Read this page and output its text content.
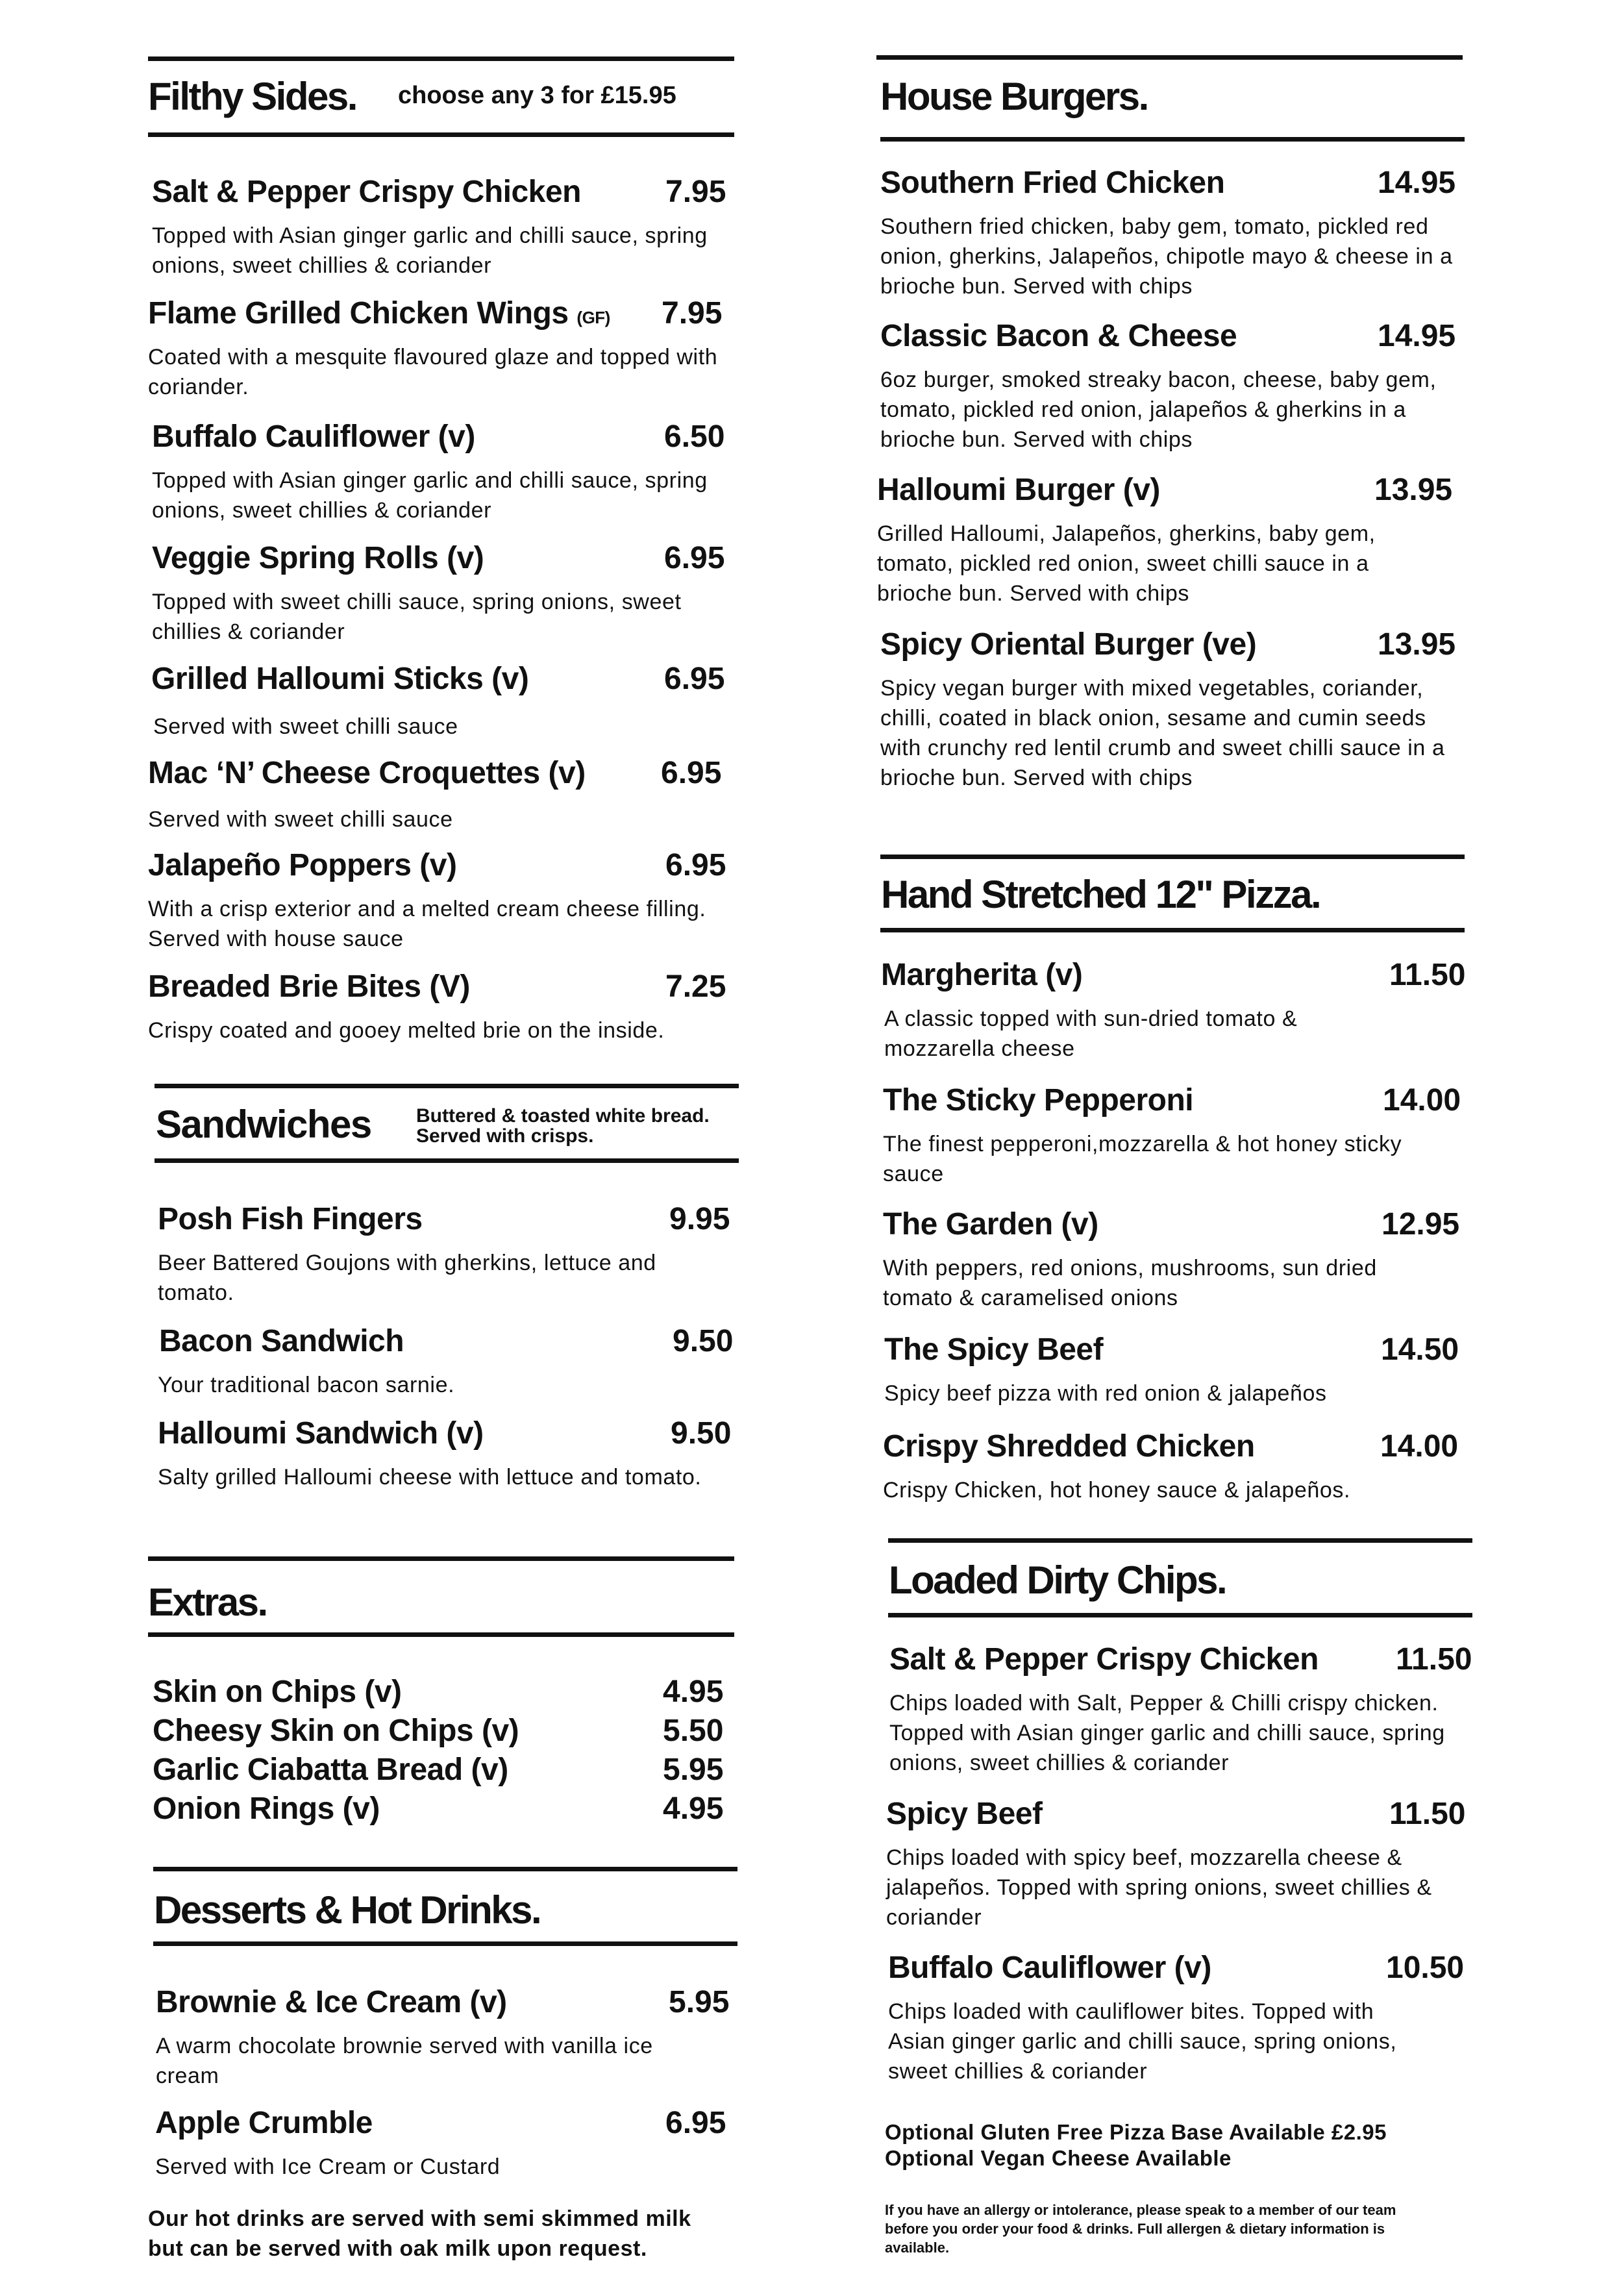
Filthy Sides. choose any 3 for £15.95
Salt & Pepper Crispy Chicken	7.95
Topped with Asian ginger garlic and chilli sauce, spring onions, sweet chillies & coriander
Flame Grilled Chicken Wings (GF) 7.95
Coated with a mesquite flavoured glaze and topped with coriander.
Buffalo Cauliflower (v)	6.50
Topped with Asian ginger garlic and chilli sauce, spring onions, sweet chillies & coriander
Veggie Spring Rolls (v)	6.95
Topped with sweet chilli sauce, spring onions, sweet chillies & coriander
Grilled Halloumi Sticks (v)	6.95
Served with sweet chilli sauce
Mac ‘N’ Cheese Croquettes (v) 6.95
Served with sweet chilli sauce
Jalapeño Poppers (v)	6.95
With a crisp exterior and a melted cream cheese filling. Served with house sauce
Breaded Brie Bites (V)	7.25
Crispy coated and gooey melted brie on the inside.
Sandwiches Buttered & toasted white bread.
Served with crisps.
Posh Fish Fingers	9.95
Beer Battered Goujons with gherkins, lettuce and tomato.
Bacon Sandwich	9.50
Your traditional bacon sarnie.
Halloumi Sandwich (v)	9.50
Salty grilled Halloumi cheese with lettuce and tomato.
Extras.
Skin on Chips (v)	4.95
Cheesy Skin on Chips (v)	5.50
Garlic Ciabatta Bread (v)	5.95
Onion Rings (v)	4.95
Desserts & Hot Drinks.
Brownie & Ice Cream (v)	5.95
A warm chocolate brownie served with vanilla ice cream
Apple Crumble	6.95
Served with Ice Cream or Custard
Our hot drinks are served with semi skimmed milk
but can be served with oak milk upon request.
House Burgers.
Southern Fried Chicken	14.95
Southern fried chicken, baby gem, tomato, pickled red onion, gherkins, Jalapeños, chipotle mayo & cheese in a brioche bun. Served with chips
Classic Bacon & Cheese	14.95
6oz burger, smoked streaky bacon, cheese, baby gem, tomato, pickled red onion, jalapeños & gherkins in a brioche bun. Served with chips
Halloumi Burger (v)	13.95
Grilled Halloumi, Jalapeños, gherkins, baby gem, tomato, pickled red onion, sweet chilli sauce in a brioche bun. Served with chips
Spicy Oriental Burger (ve)	13.95
Spicy vegan burger with mixed vegetables, coriander, chilli, coated in black onion, sesame and cumin seeds with crunchy red lentil crumb and sweet chilli sauce in a brioche bun. Served with chips
Hand Stretched 12" Pizza.
Margherita (v)	11.50
A classic topped with sun-dried tomato & mozzarella cheese
The Sticky Pepperoni	14.00
The finest pepperoni,mozzarella & hot honey sticky sauce
The Garden (v)	12.95
With peppers, red onions, mushrooms, sun dried tomato & caramelised onions
The Spicy Beef	14.50
Spicy beef pizza with red onion & jalapeños
Crispy Shredded Chicken	14.00
Crispy Chicken, hot honey sauce & jalapeños.
Loaded Dirty Chips.
Salt & Pepper Crispy Chicken 11.50
Chips loaded with Salt, Pepper & Chilli crispy chicken. Topped with Asian ginger garlic and chilli sauce, spring onions, sweet chillies & coriander
Spicy Beef	11.50
Chips loaded with spicy beef, mozzarella cheese & jalapeños. Topped with spring onions, sweet chillies & coriander
Buffalo Cauliflower (v)	10.50
Chips loaded with cauliflower bites. Topped with Asian ginger garlic and chilli sauce, spring onions, sweet chillies & coriander
Optional Gluten Free Pizza Base Available £2.95
Optional Vegan Cheese Available
If you have an allergy or intolerance, please speak to a member of our team
before you order your food & drinks. Full allergen & dietary information is
available.
